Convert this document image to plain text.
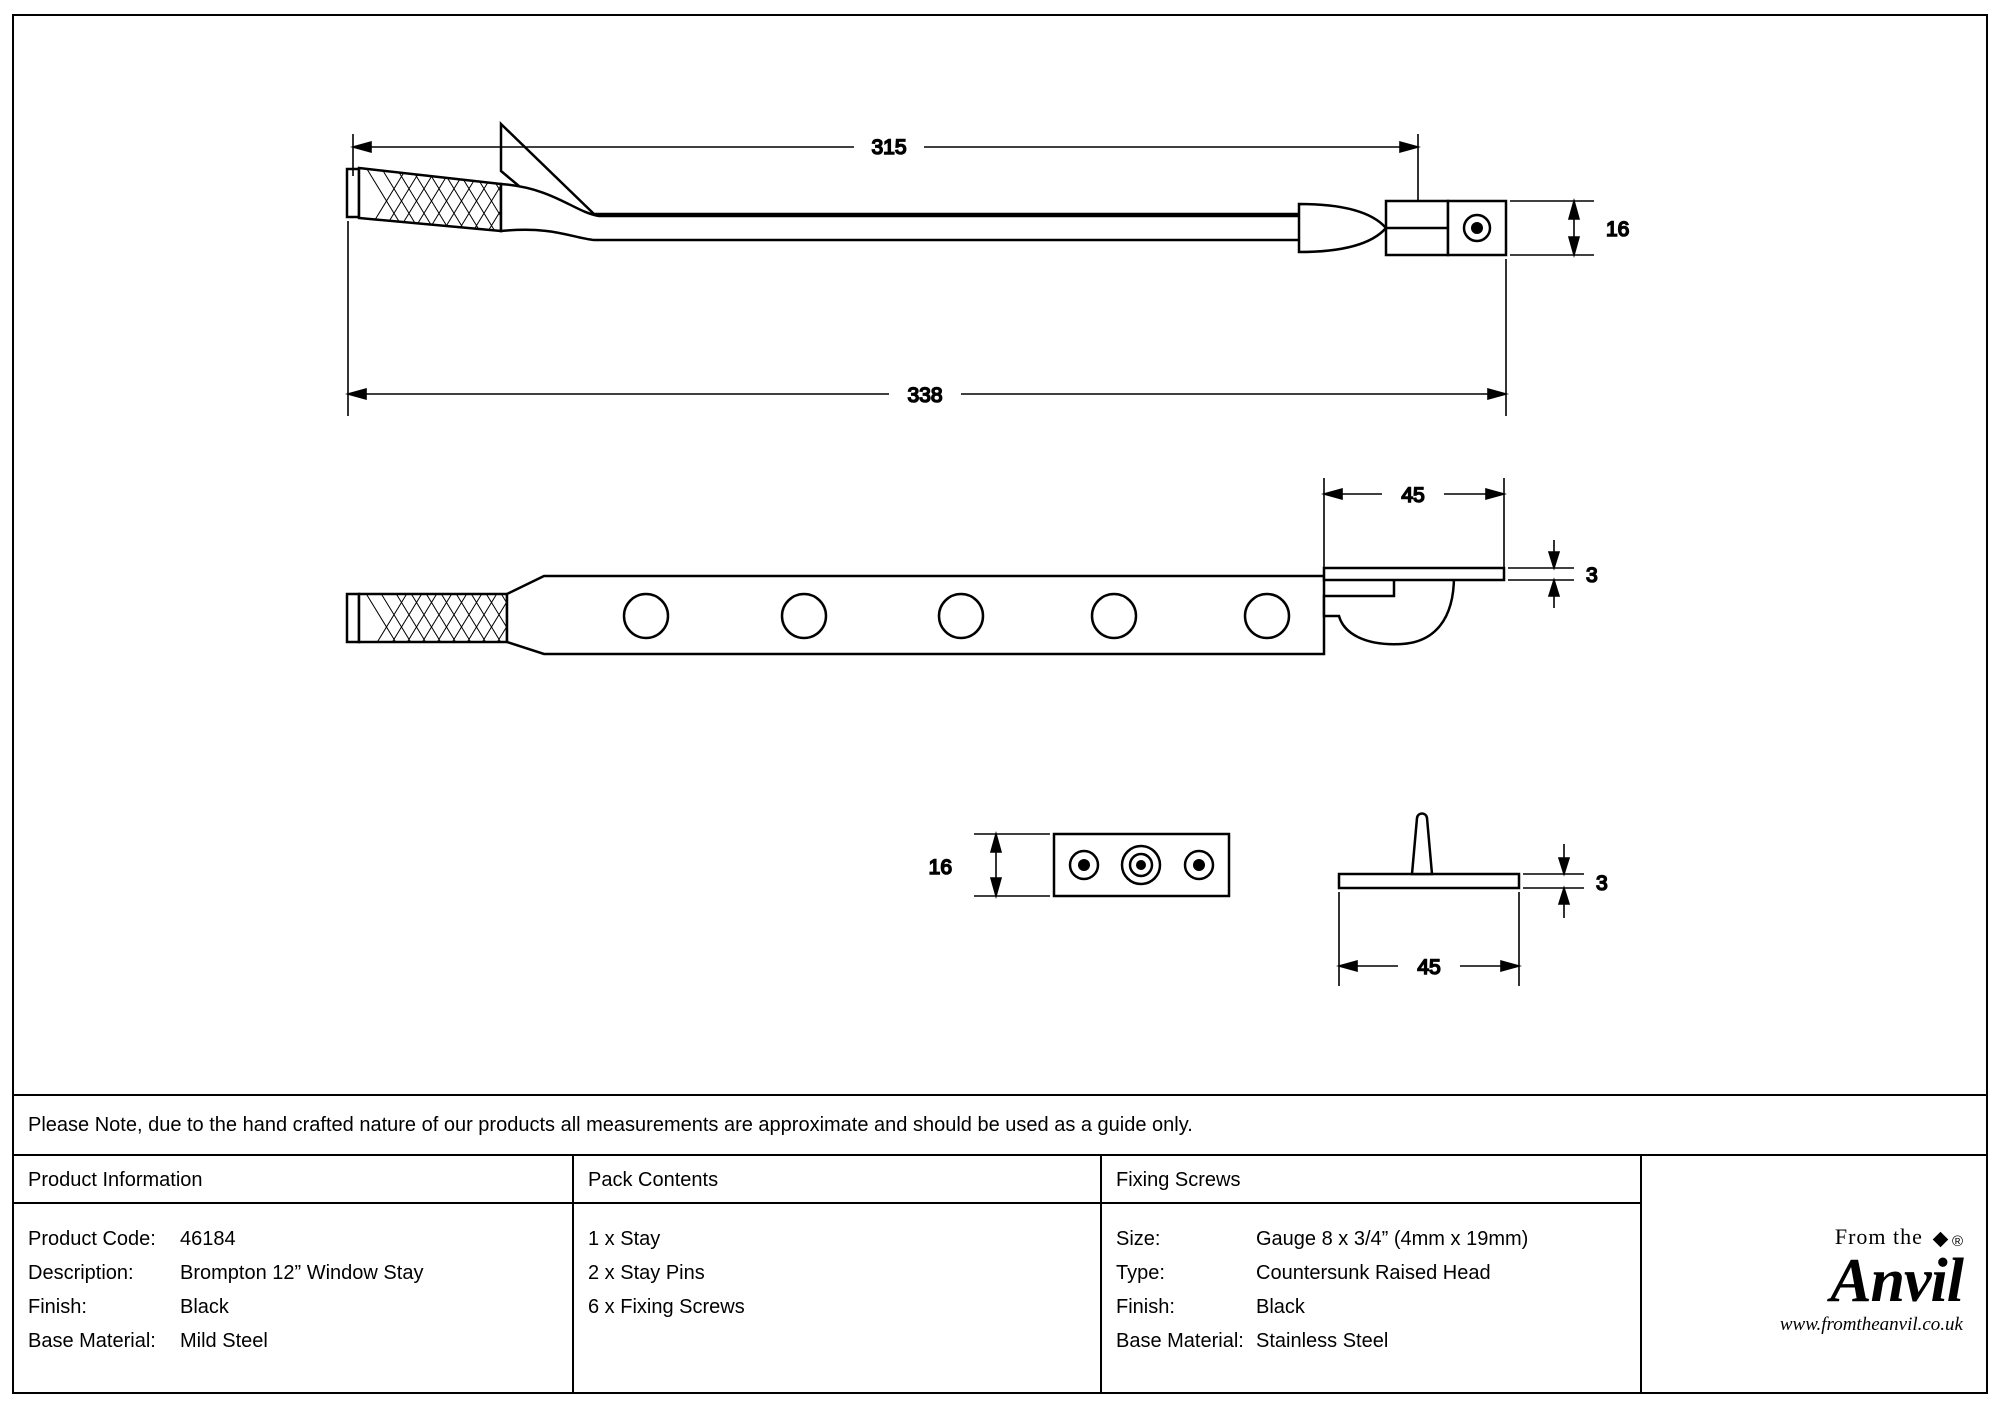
315
338
16
45
3
16
3
45
Please Note, due to the hand crafted nature of our products all measurements are approximate and should be used as a guide only.
Product Information
Product Code:	46184
Description:	Brompton 12” Window Stay
Finish:	Black
Base Material:	Mild Steel
Pack Contents
1 x Stay
2 x Stay Pins
6 x Fixing Screws
Fixing Screws
Size:	Gauge 8 x 3/4” (4mm x 19mm)
Type:	Countersunk Raised Head
Finish:	Black
Base Material: Stainless Steel
From the ®
Anvil
www.fromtheanvil.co.uk
